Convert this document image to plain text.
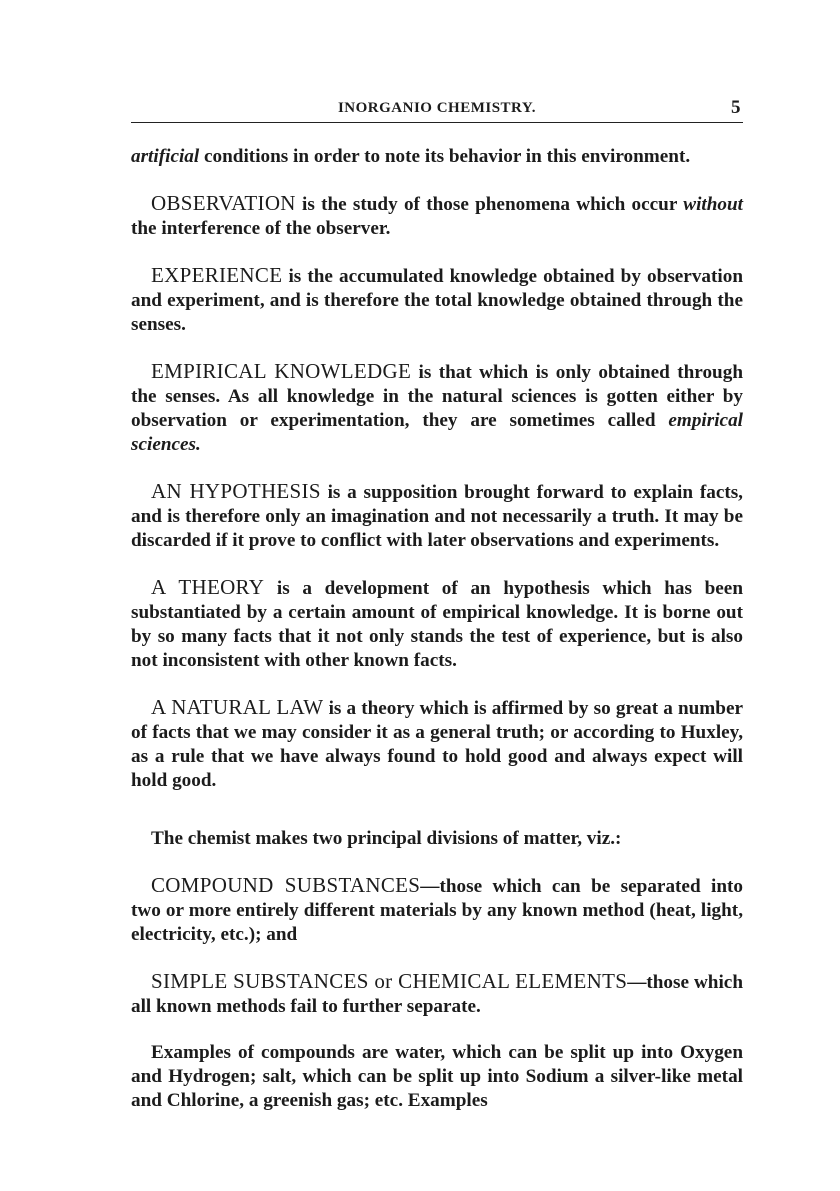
INORGANIO CHEMISTRY.	5

artificial conditions in order to note its behavior in this environment.

OBSERVATION is the study of those phenomena which occur without the interference of the observer.

EXPERIENCE is the accumulated knowledge obtained by observation and experiment, and is therefore the total knowledge obtained through the senses.

EMPIRICAL KNOWLEDGE is that which is only obtained through the senses. As all knowledge in the natural sciences is gotten either by observation or experimentation, they are sometimes called empirical sciences.

AN HYPOTHESIS is a supposition brought forward to explain facts, and is therefore only an imagination and not necessarily a truth. It may be discarded if it prove to conflict with later observations and experiments.

A THEORY is a development of an hypothesis which has been substantiated by a certain amount of empirical knowledge. It is borne out by so many facts that it not only stands the test of experience, but is also not inconsistent with other known facts.

A NATURAL LAW is a theory which is affirmed by so great a number of facts that we may consider it as a general truth; or according to Huxley, as a rule that we have always found to hold good and always expect will hold good.

The chemist makes two principal divisions of matter, viz.:

COMPOUND SUBSTANCES—those which can be separated into two or more entirely different materials by any known method (heat, light, electricity, etc.); and

SIMPLE SUBSTANCES or CHEMICAL ELEMENTS—those which all known methods fail to further separate.

Examples of compounds are water, which can be split up into Oxygen and Hydrogen; salt, which can be split up into Sodium a silver-like metal and Chlorine, a greenish gas; etc. Examples
